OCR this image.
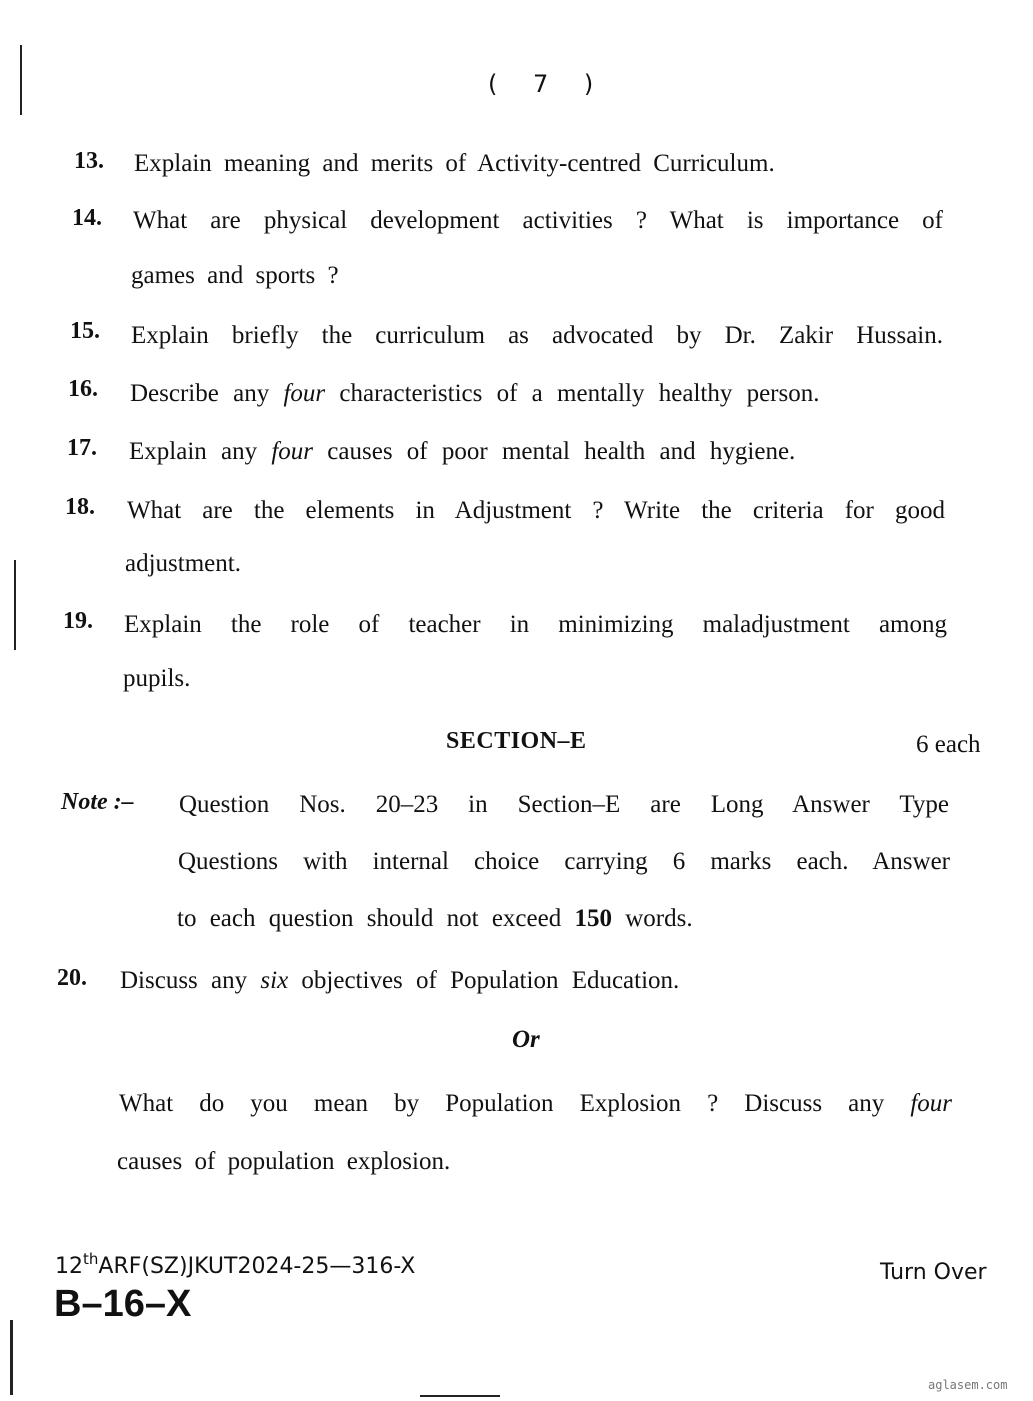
( 7 )
13. Explain meaning and merits of Activity-centred Curriculum.
14. What are physical development activities ? What is importance of
games and sports ?
15. Explain briefly the curriculum as advocated by Dr. Zakir Hussain.
16. Describe any four characteristics of a mentally healthy person.
17. Explain any four causes of poor mental health and hygiene.
18. What are the elements in Adjustment ? Write the criteria for good
adjustment.
19. Explain the role of teacher in minimizing maladjustment among
pupils.
SECTION–E	6 each
Note :– Question Nos. 20–23 in Section–E are Long Answer Type
Questions with internal choice carrying 6 marks each. Answer
to each question should not exceed 150 words.
20. Discuss any six objectives of Population Education.
Or
What do you mean by Population Explosion ? Discuss any four
causes of population explosion.
12thARF(SZ)JKUT2024-25—316-X
B–16–X
Turn Over
aglasem.com
